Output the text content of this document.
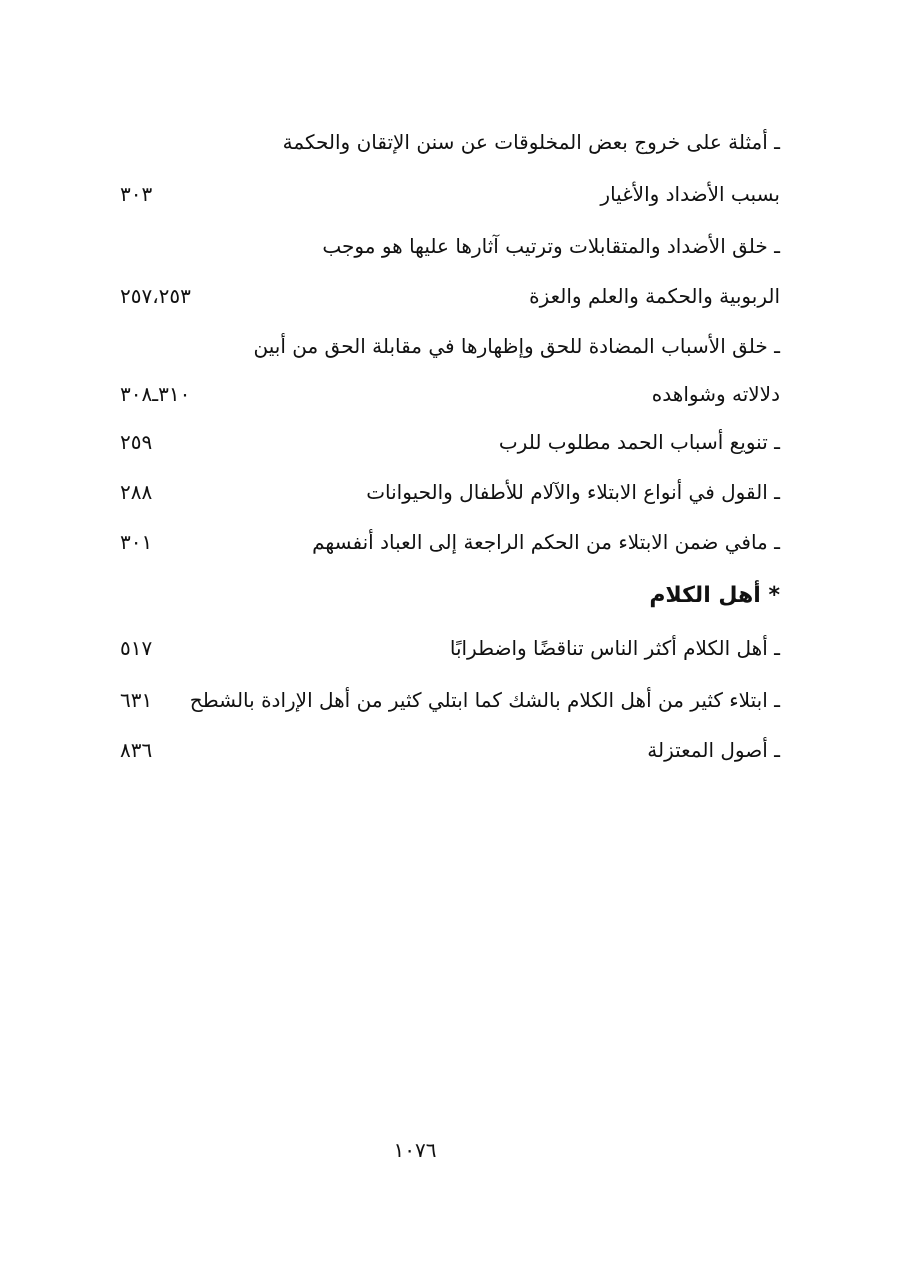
ـ أمثلة على خروج بعض المخلوقات عن سنن الإتقان والحكمة
بسبب الأضداد والأغيار
٣٠٣
ـ خلق الأضداد والمتقابلات وترتيب آثارها عليها هو موجب
الربوبية والحكمة والعلم والعزة
٢٥٧،٢٥٣
ـ خلق الأسباب المضادة للحق وإظهارها في مقابلة الحق من أبين
دلالاته وشواهده
٣١٠ـ٣٠٨
ـ تنويع أسباب الحمد مطلوب للرب
٢٥٩
ـ القول في أنواع الابتلاء والآلام للأطفال والحيوانات
٢٨٨
ـ مافي ضمن الابتلاء من الحكم الراجعة إلى العباد أنفسهم
٣٠١
* أهل الكلام
ـ أهل الكلام أكثر الناس تناقضًا واضطرابًا
٥١٧
ـ ابتلاء كثير من أهل الكلام بالشك كما ابتلي كثير من أهل الإرادة بالشطح
٦٣١
ـ أصول المعتزلة
٨٣٦
١٠٧٦
